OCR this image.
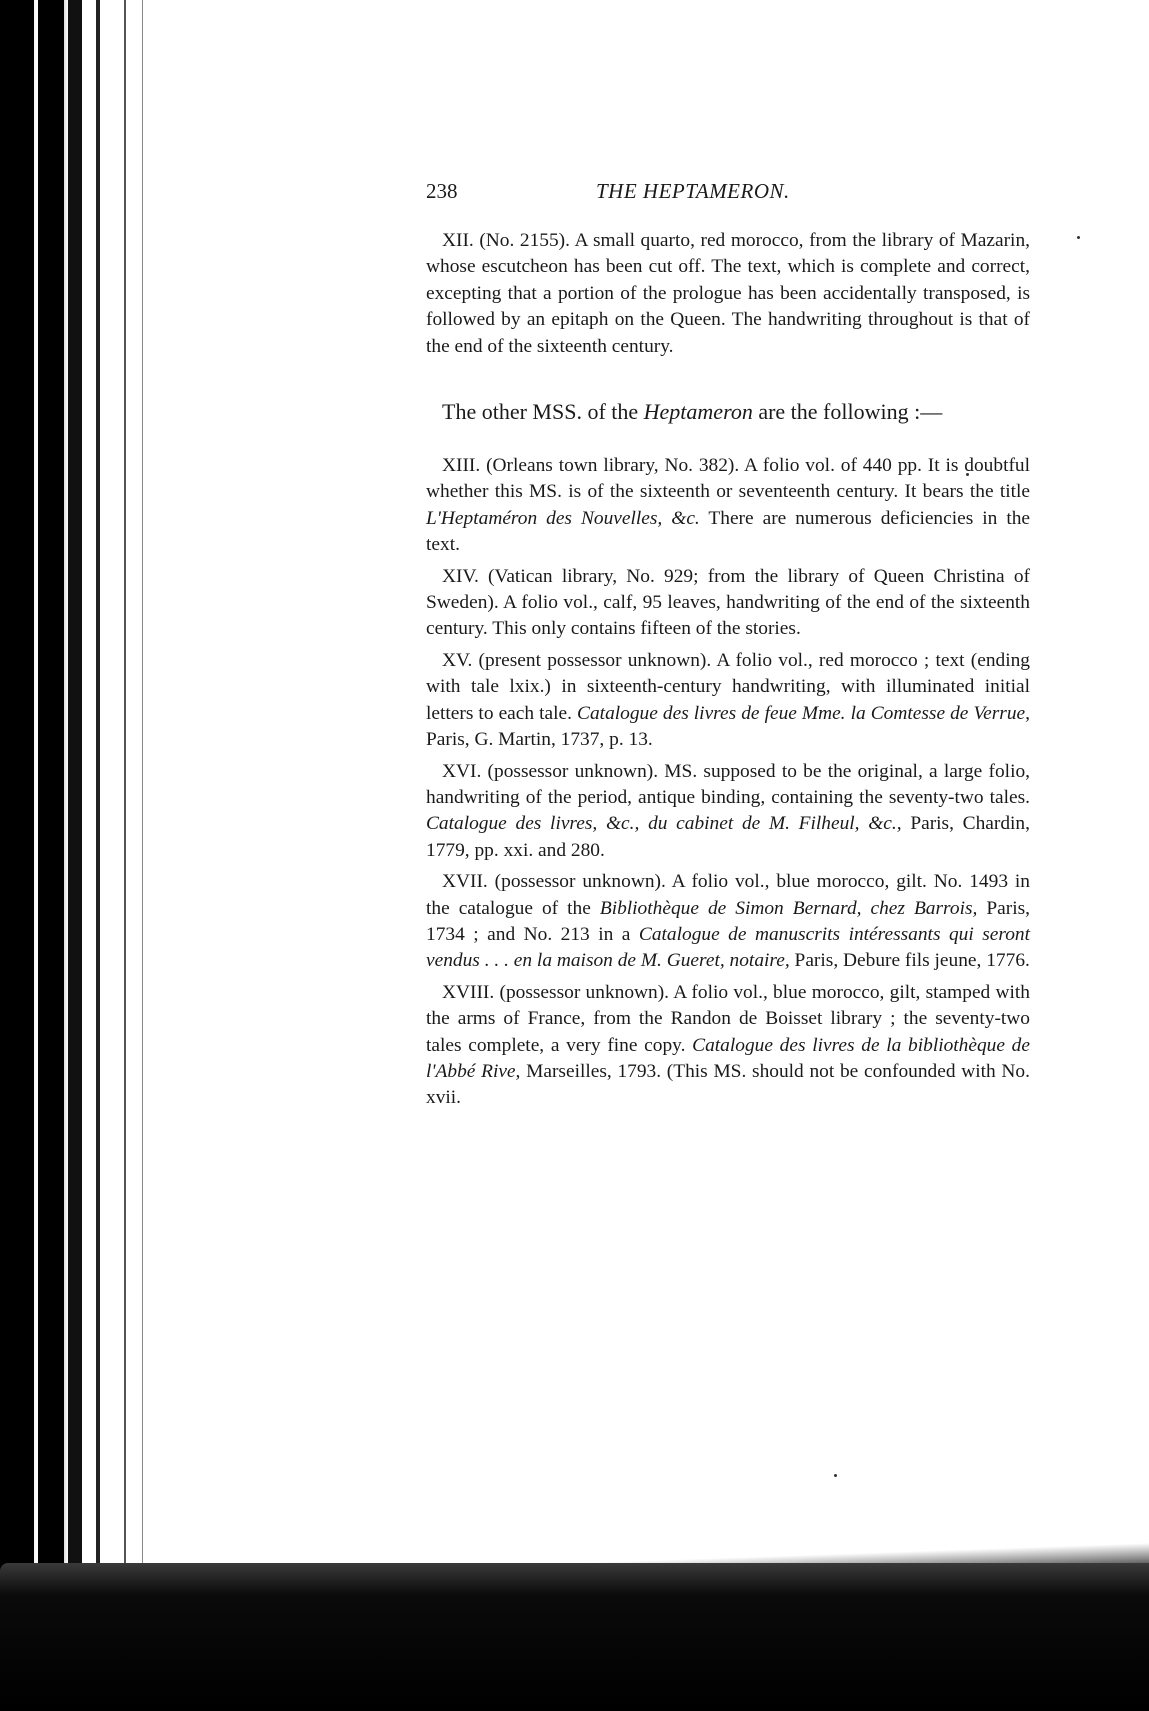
238	THE HEPTAMERON.

XII. (No. 2155). A small quarto, red morocco, from the library of Mazarin, whose escutcheon has been cut off. The text, which is complete and correct, excepting that a portion of the prologue has been accidentally transposed, is followed by an epitaph on the Queen. The handwriting throughout is that of the end of the sixteenth century.

The other MSS. of the Heptameron are the following :—

XIII. (Orleans town library, No. 382). A folio vol. of 440 pp. It is doubtful whether this MS. is of the sixteenth or seventeenth century. It bears the title L'Heptaméron des Nouvelles, &c. There are numerous deficiencies in the text.

XIV. (Vatican library, No. 929; from the library of Queen Christina of Sweden). A folio vol., calf, 95 leaves, handwriting of the end of the sixteenth century. This only contains fifteen of the stories.

XV. (present possessor unknown). A folio vol., red morocco ; text (ending with tale lxix.) in sixteenth-century handwriting, with illuminated initial letters to each tale. Catalogue des livres de feue Mme. la Comtesse de Verrue, Paris, G. Martin, 1737, p. 13.

XVI. (possessor unknown). MS. supposed to be the original, a large folio, handwriting of the period, antique binding, containing the seventy-two tales. Catalogue des livres, &c., du cabinet de M. Filheul, &c., Paris, Chardin, 1779, pp. xxi. and 280.

XVII. (possessor unknown). A folio vol., blue morocco, gilt. No. 1493 in the catalogue of the Bibliothèque de Simon Bernard, chez Barrois, Paris, 1734 ; and No. 213 in a Catalogue de manuscrits intéressants qui seront vendus . . . en la maison de M. Gueret, notaire, Paris, Debure fils jeune, 1776.

XVIII. (possessor unknown). A folio vol., blue morocco, gilt, stamped with the arms of France, from the Randon de Boisset library ; the seventy-two tales complete, a very fine copy. Catalogue des livres de la bibliothèque de l'Abbé Rive, Marseilles, 1793. (This MS. should not be confounded with No. xvii.
